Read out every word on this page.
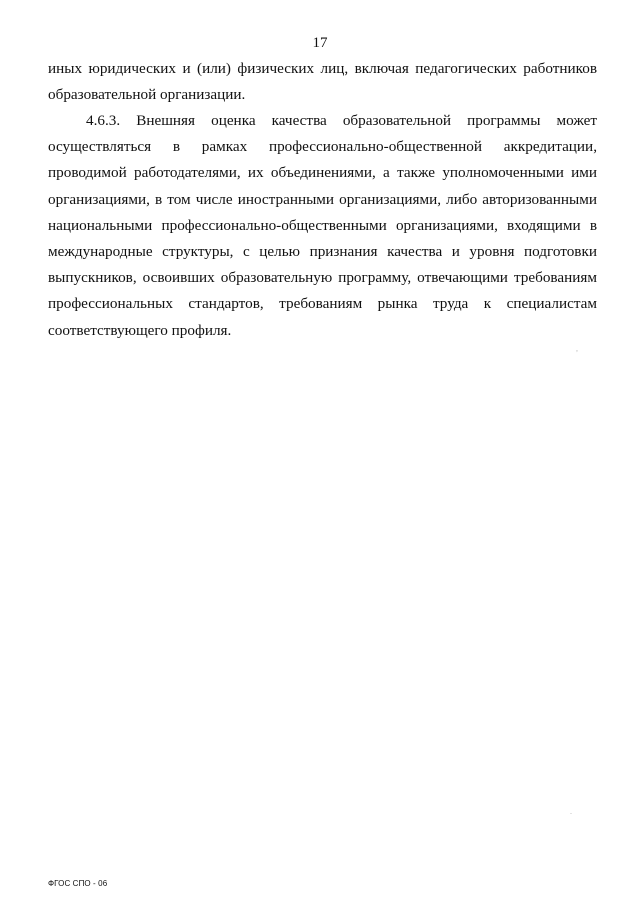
17
иных юридических и (или) физических лиц, включая педагогических работников
образовательной организации.
4.6.3. Внешняя оценка качества образовательной программы может
осуществляться в рамках профессионально-общественной аккредитации,
проводимой работодателями, их объединениями, а также уполномоченными ими
организациями, в том числе иностранными организациями, либо авторизованными
национальными профессионально-общественными организациями, входящими в
международные структуры, с целью признания качества и уровня подготовки
выпускников, освоивших образовательную программу, отвечающими требованиям
профессиональных стандартов, требованиям рынка труда к специалистам
соответствующего профиля.
,
.
ФГОС СПО - 06
